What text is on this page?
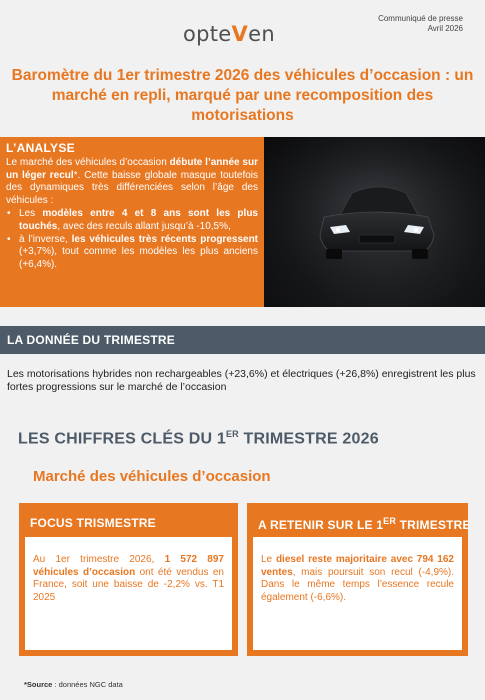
opteVen
Communiqué de presse
Avril 2026
Baromètre du 1er trimestre 2026 des véhicules d’occasion : un marché en repli, marqué par une recomposition des motorisations
L’ANALYSE

Le marché des véhicules d’occasion débute l’année sur un léger recul*. Cette baisse globale masque toutefois des dynamiques très différenciées selon l’âge des véhicules :

• Les modèles entre 4 et 8 ans sont les plus touchés, avec des reculs allant jusqu’à -10,5%,
• à l’inverse, les véhicules très récents progressent (+3,7%), tout comme les modèles les plus anciens (+6,4%).
LA DONNÉE DU TRIMESTRE
Les motorisations hybrides non rechargeables (+23,6%) et électriques (+26,8%) enregistrent les plus fortes progressions sur le marché de l’occasion
LES CHIFFRES CLÉS DU 1ER TRIMESTRE 2026
Marché des véhicules d’occasion
FOCUS TRISMESTRE
Au 1er trimestre 2026, 1 572 897 véhicules d’occasion ont été vendus en France, soit une baisse de -2,2% vs. T1 2025
A RETENIR SUR LE 1ER TRIMESTRE
Le diesel reste majoritaire avec 794 162 ventes, mais poursuit son recul (-4,9%). Dans le même temps l’essence recule également (-6,6%).
*Source : données NGC data
